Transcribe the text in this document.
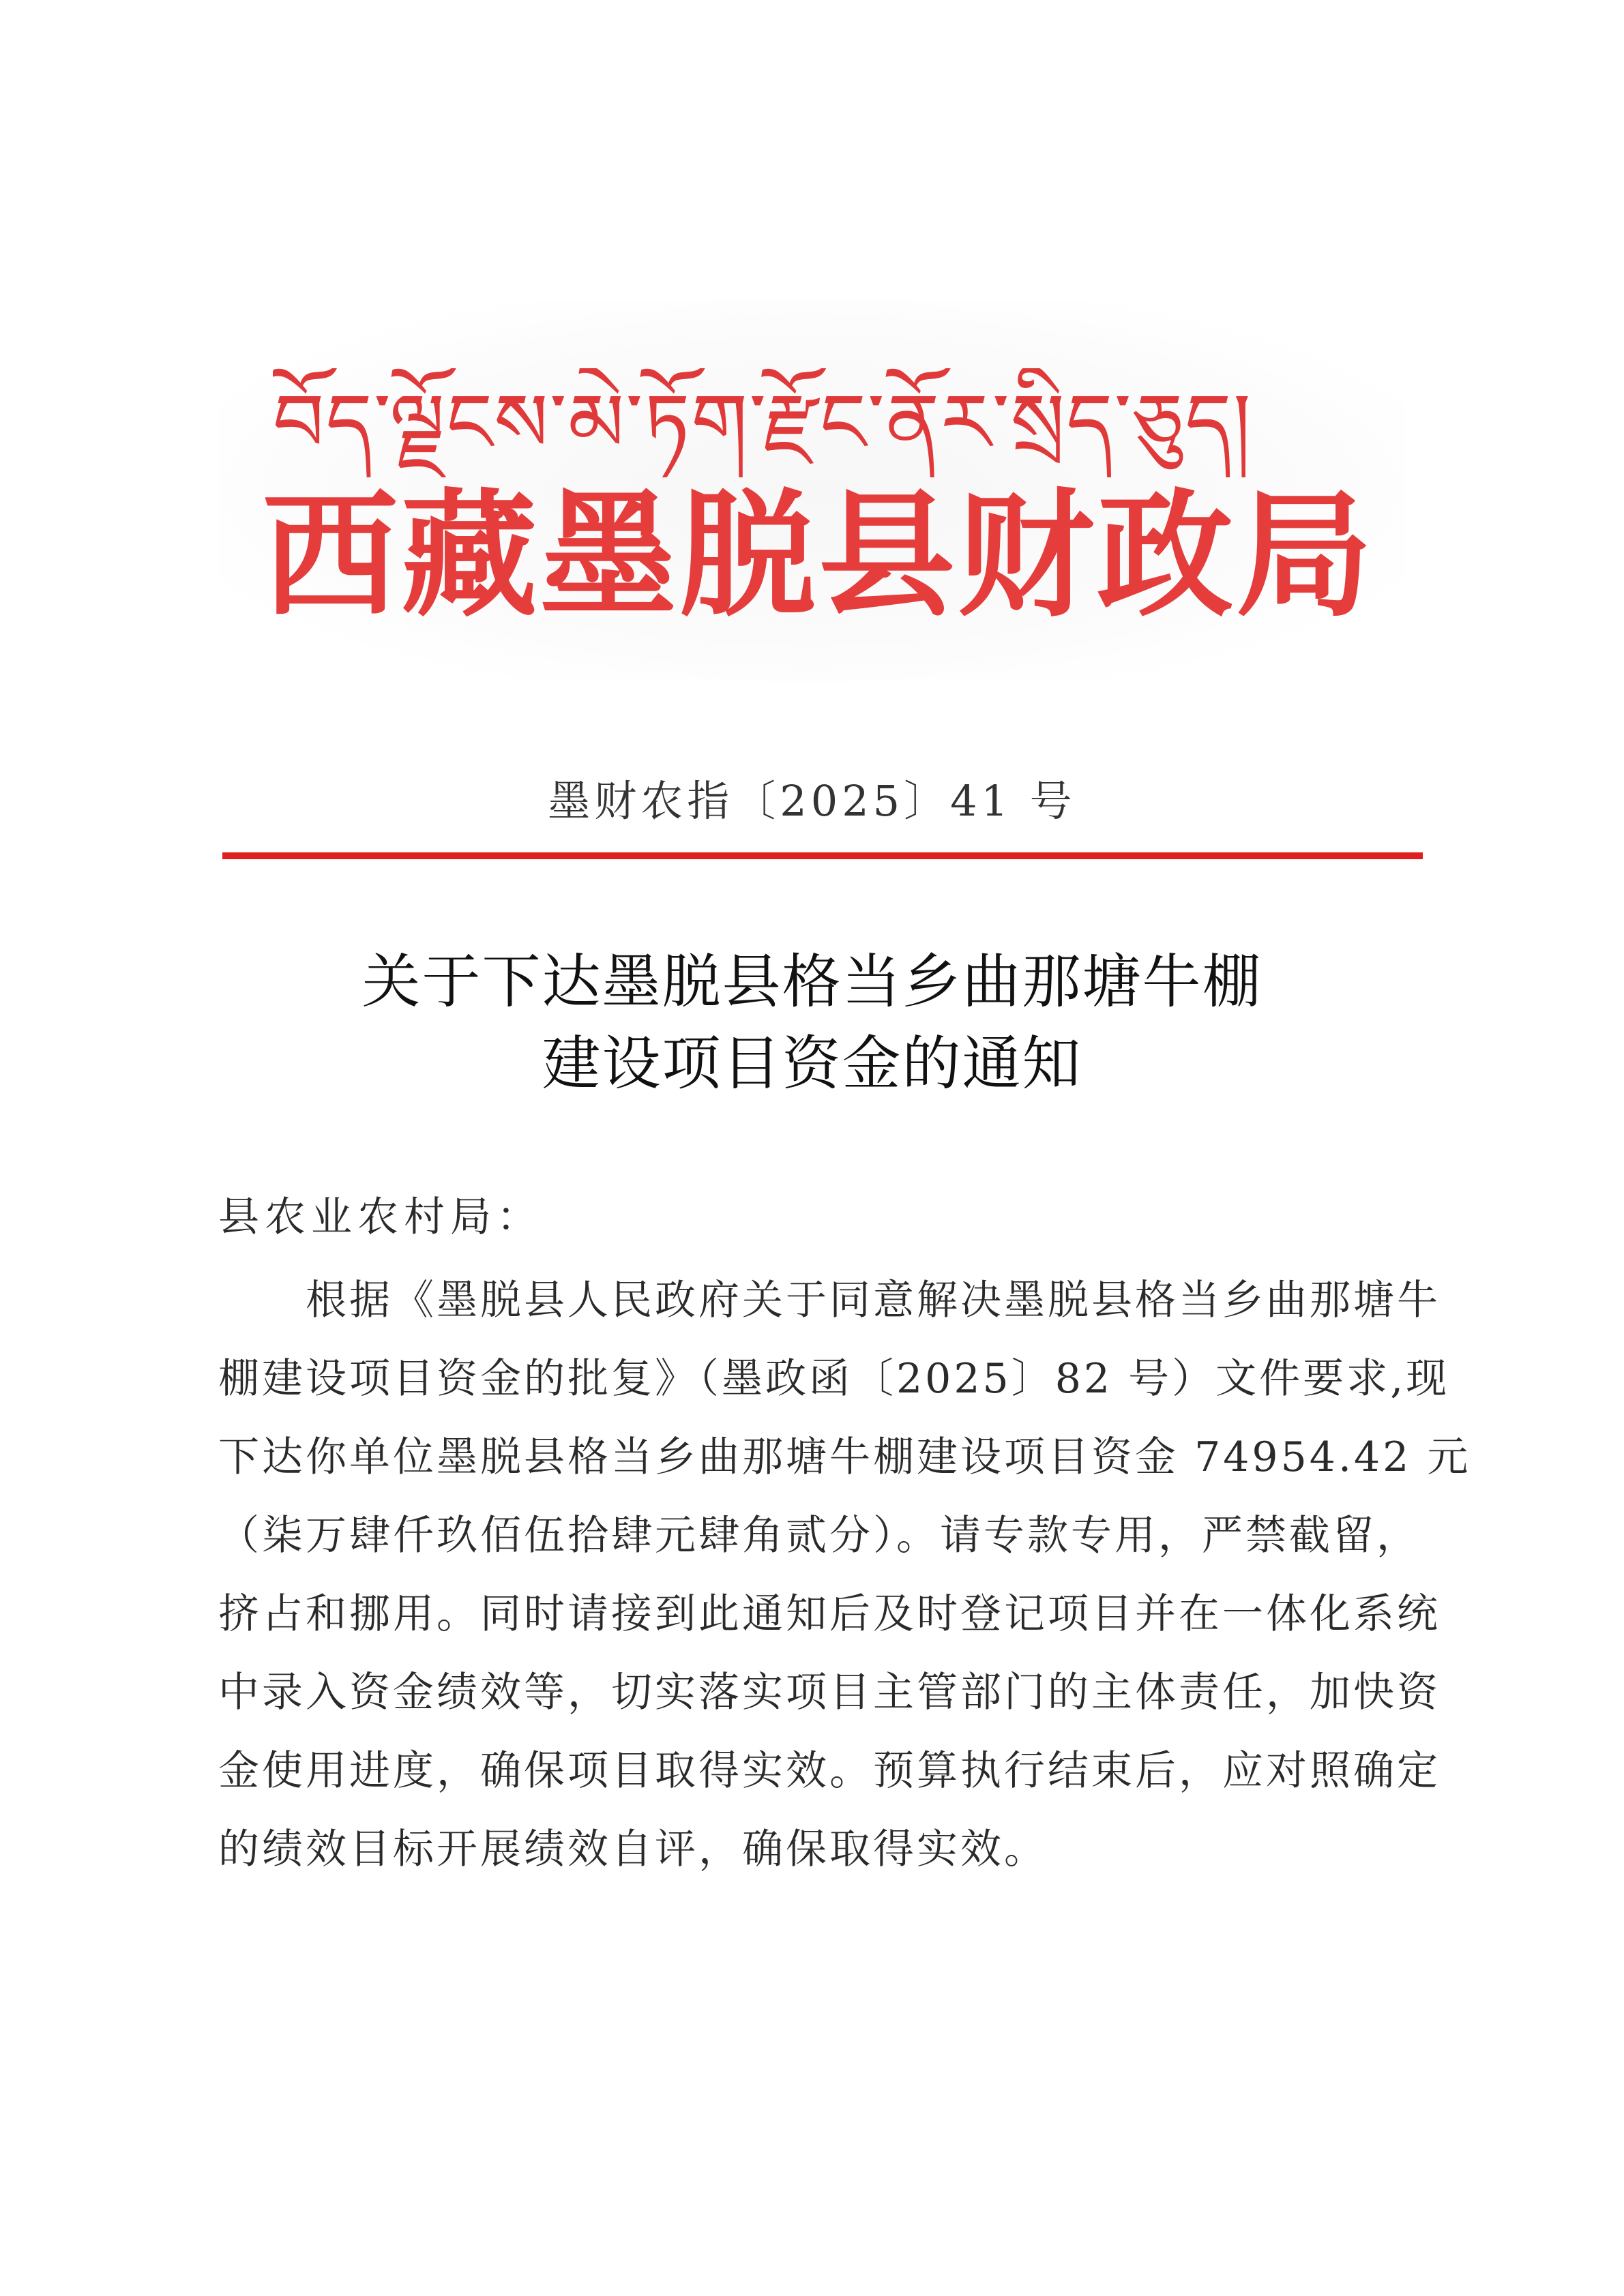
བོད་ལྗོངས་མེ་ཏོག་རྫོང་ནོར་སྲིད་ཅུད།
西藏墨脱县财政局
墨财农指〔2025〕41 号
关于下达墨脱县格当乡曲那塘牛棚
建设项目资金的通知
县农业农村局：
根据《墨脱县人民政府关于同意解决墨脱县格当乡曲那塘牛
棚建设项目资金的批复》（墨政函〔2025〕82 号）文件要求,现
下达你单位墨脱县格当乡曲那塘牛棚建设项目资金 74954.42 元
（柒万肆仟玖佰伍拾肆元肆角贰分）。请专款专用，严禁截留，
挤占和挪用。同时请接到此通知后及时登记项目并在一体化系统
中录入资金绩效等，切实落实项目主管部门的主体责任，加快资
金使用进度，确保项目取得实效。预算执行结束后，应对照确定
的绩效目标开展绩效自评，确保取得实效。
